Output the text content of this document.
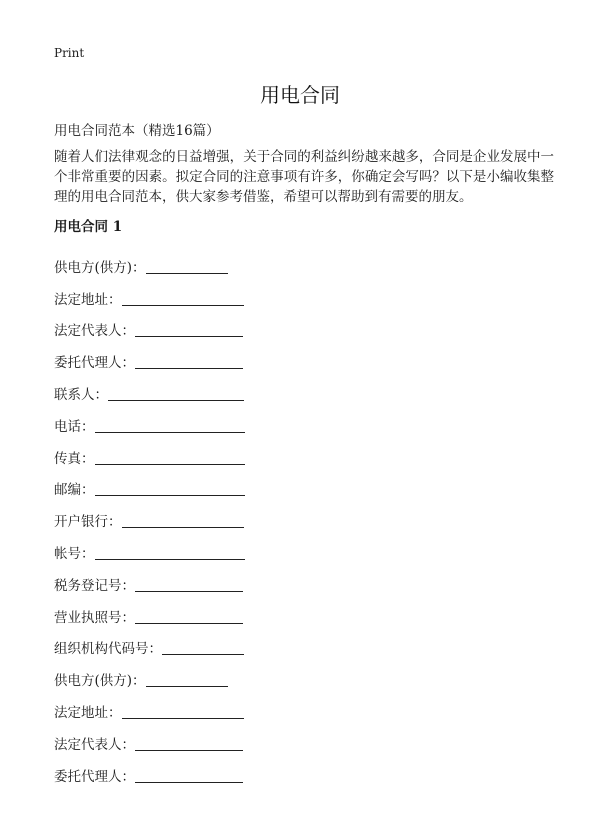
Print
用电合同
用电合同范本（精选16篇）

随着人们法律观念的日益增强，关于合同的利益纠纷越来越多，合同是企业发展中一个非常重要的因素。拟定合同的注意事项有许多，你确定会写吗？以下是小编收集整理的用电合同范本，供大家参考借鉴，希望可以帮助到有需要的朋友。

用电合同 1
供电方(供方)：
法定地址：
法定代表人：
委托代理人：
联系人：
电话：
传真：
邮编：
开户银行：
帐号：
税务登记号：
营业执照号：
组织机构代码号：
供电方(供方)：
法定地址：
法定代表人：
委托代理人：
